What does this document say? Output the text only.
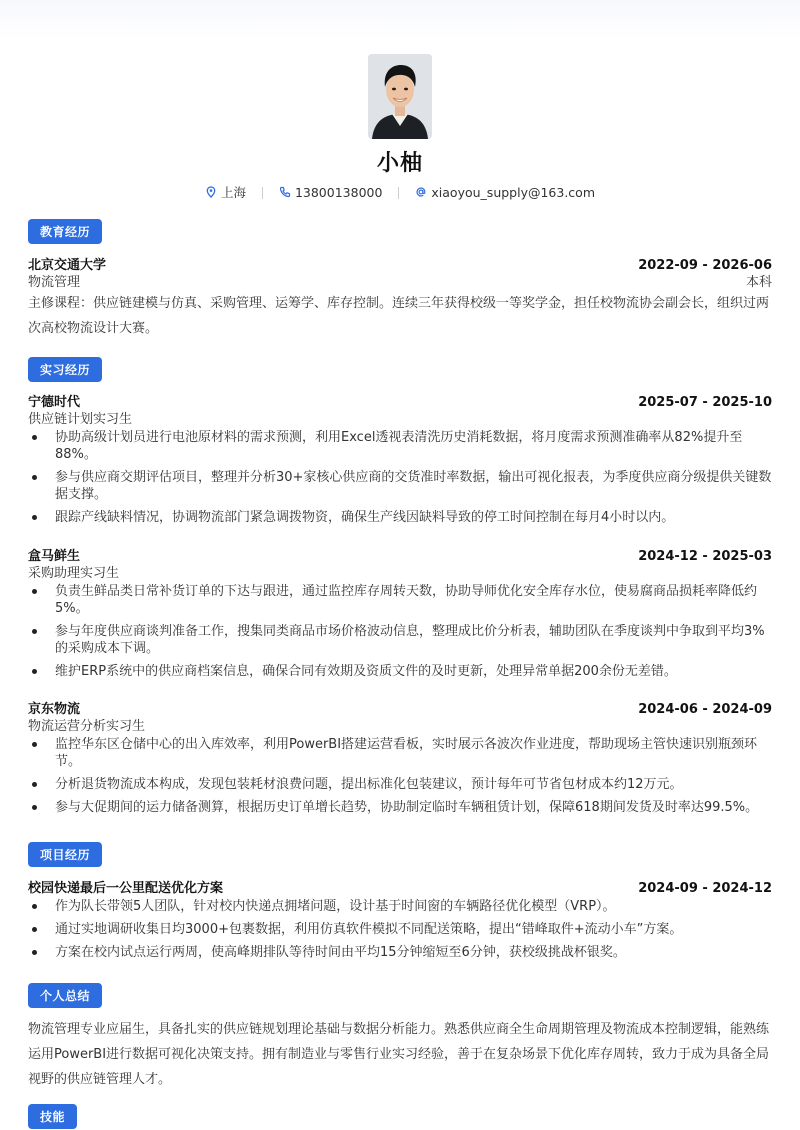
小柚
上海
	13800138000
	xiaoyou_supply@163.com
教育经历
北京交通大学	2022-09 - 2026-06
物流管理	本科
主修课程：供应链建模与仿真、采购管理、运筹学、库存控制。连续三年获得校级一等奖学金，担任校物流协会副会长，组织过两次高校物流设计大赛。
实习经历
宁德时代	2025-07 - 2025-10
供应链计划实习生
协助高级计划员进行电池原材料的需求预测，利用Excel透视表清洗历史消耗数据，将月度需求预测准确率从82%提升至88%。
参与供应商交期评估项目，整理并分析30+家核心供应商的交货准时率数据，输出可视化报表，为季度供应商分级提供关键数据支撑。
跟踪产线缺料情况，协调物流部门紧急调拨物资，确保生产线因缺料导致的停工时间控制在每月4小时以内。
盒马鲜生	2024-12 - 2025-03
采购助理实习生
负责生鲜品类日常补货订单的下达与跟进，通过监控库存周转天数，协助导师优化安全库存水位，使易腐商品损耗率降低约5%。
参与年度供应商谈判准备工作，搜集同类商品市场价格波动信息，整理成比价分析表，辅助团队在季度谈判中争取到平均3%的采购成本下调。
维护ERP系统中的供应商档案信息，确保合同有效期及资质文件的及时更新，处理异常单据200余份无差错。
京东物流	2024-06 - 2024-09
物流运营分析实习生
监控华东区仓储中心的出入库效率，利用PowerBI搭建运营看板，实时展示各波次作业进度，帮助现场主管快速识别瓶颈环节。
分析退货物流成本构成，发现包装耗材浪费问题，提出标准化包装建议，预计每年可节省包材成本约12万元。
参与大促期间的运力储备测算，根据历史订单增长趋势，协助制定临时车辆租赁计划，保障618期间发货及时率达99.5%。
项目经历
校园快递最后一公里配送优化方案	2024-09 - 2024-12
作为队长带领5人团队，针对校内快递点拥堵问题，设计基于时间窗的车辆路径优化模型（VRP）。
通过实地调研收集日均3000+包裹数据，利用仿真软件模拟不同配送策略，提出“错峰取件+流动小车”方案。
方案在校内试点运行两周，使高峰期排队等待时间由平均15分钟缩短至6分钟，获校级挑战杯银奖。
个人总结
物流管理专业应届生，具备扎实的供应链规划理论基础与数据分析能力。熟悉供应商全生命周期管理及物流成本控制逻辑，能熟练运用PowerBI进行数据可视化决策支持。拥有制造业与零售行业实习经验，善于在复杂场景下优化库存周转，致力于成为具备全局视野的供应链管理人才。
技能
